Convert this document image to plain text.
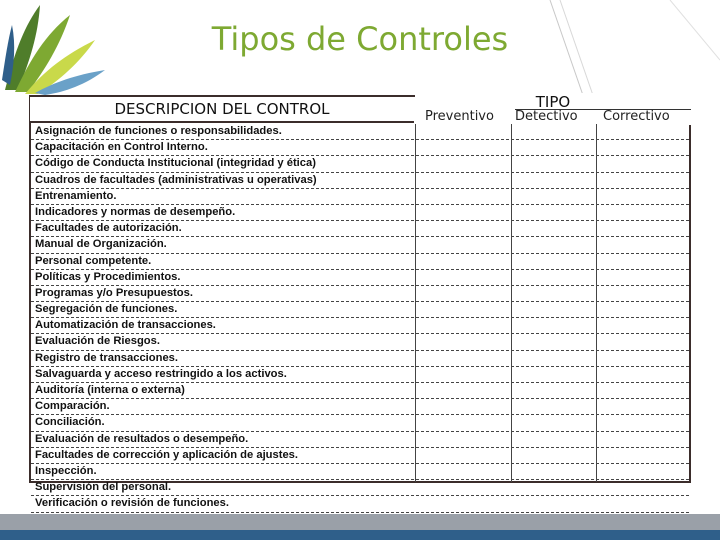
Tipos de Controles
DESCRIPCION DEL CONTROL	TIPO
Preventivo Detectivo Correctivo
Asignación de funciones o responsabilidades.
Capacitación en Control Interno.
Código de Conducta Institucional (integridad y ética)
Cuadros de facultades (administrativas u operativas)
Entrenamiento.
Indicadores y normas de desempeño.
Facultades de autorización.
Manual de Organización.
Personal competente.
Políticas y Procedimientos.
Programas y/o Presupuestos.
Segregación de funciones.
Automatización de transacciones.
Evaluación de Riesgos.
Registro de transacciones.
Salvaguarda y acceso restringido a los activos.
Auditoría (interna o externa)
Comparación.
Conciliación.
Evaluación de resultados o desempeño.
Facultades de corrección y aplicación de ajustes.
Inspección.
Supervisión del personal.
Verificación o revisión de funciones.
